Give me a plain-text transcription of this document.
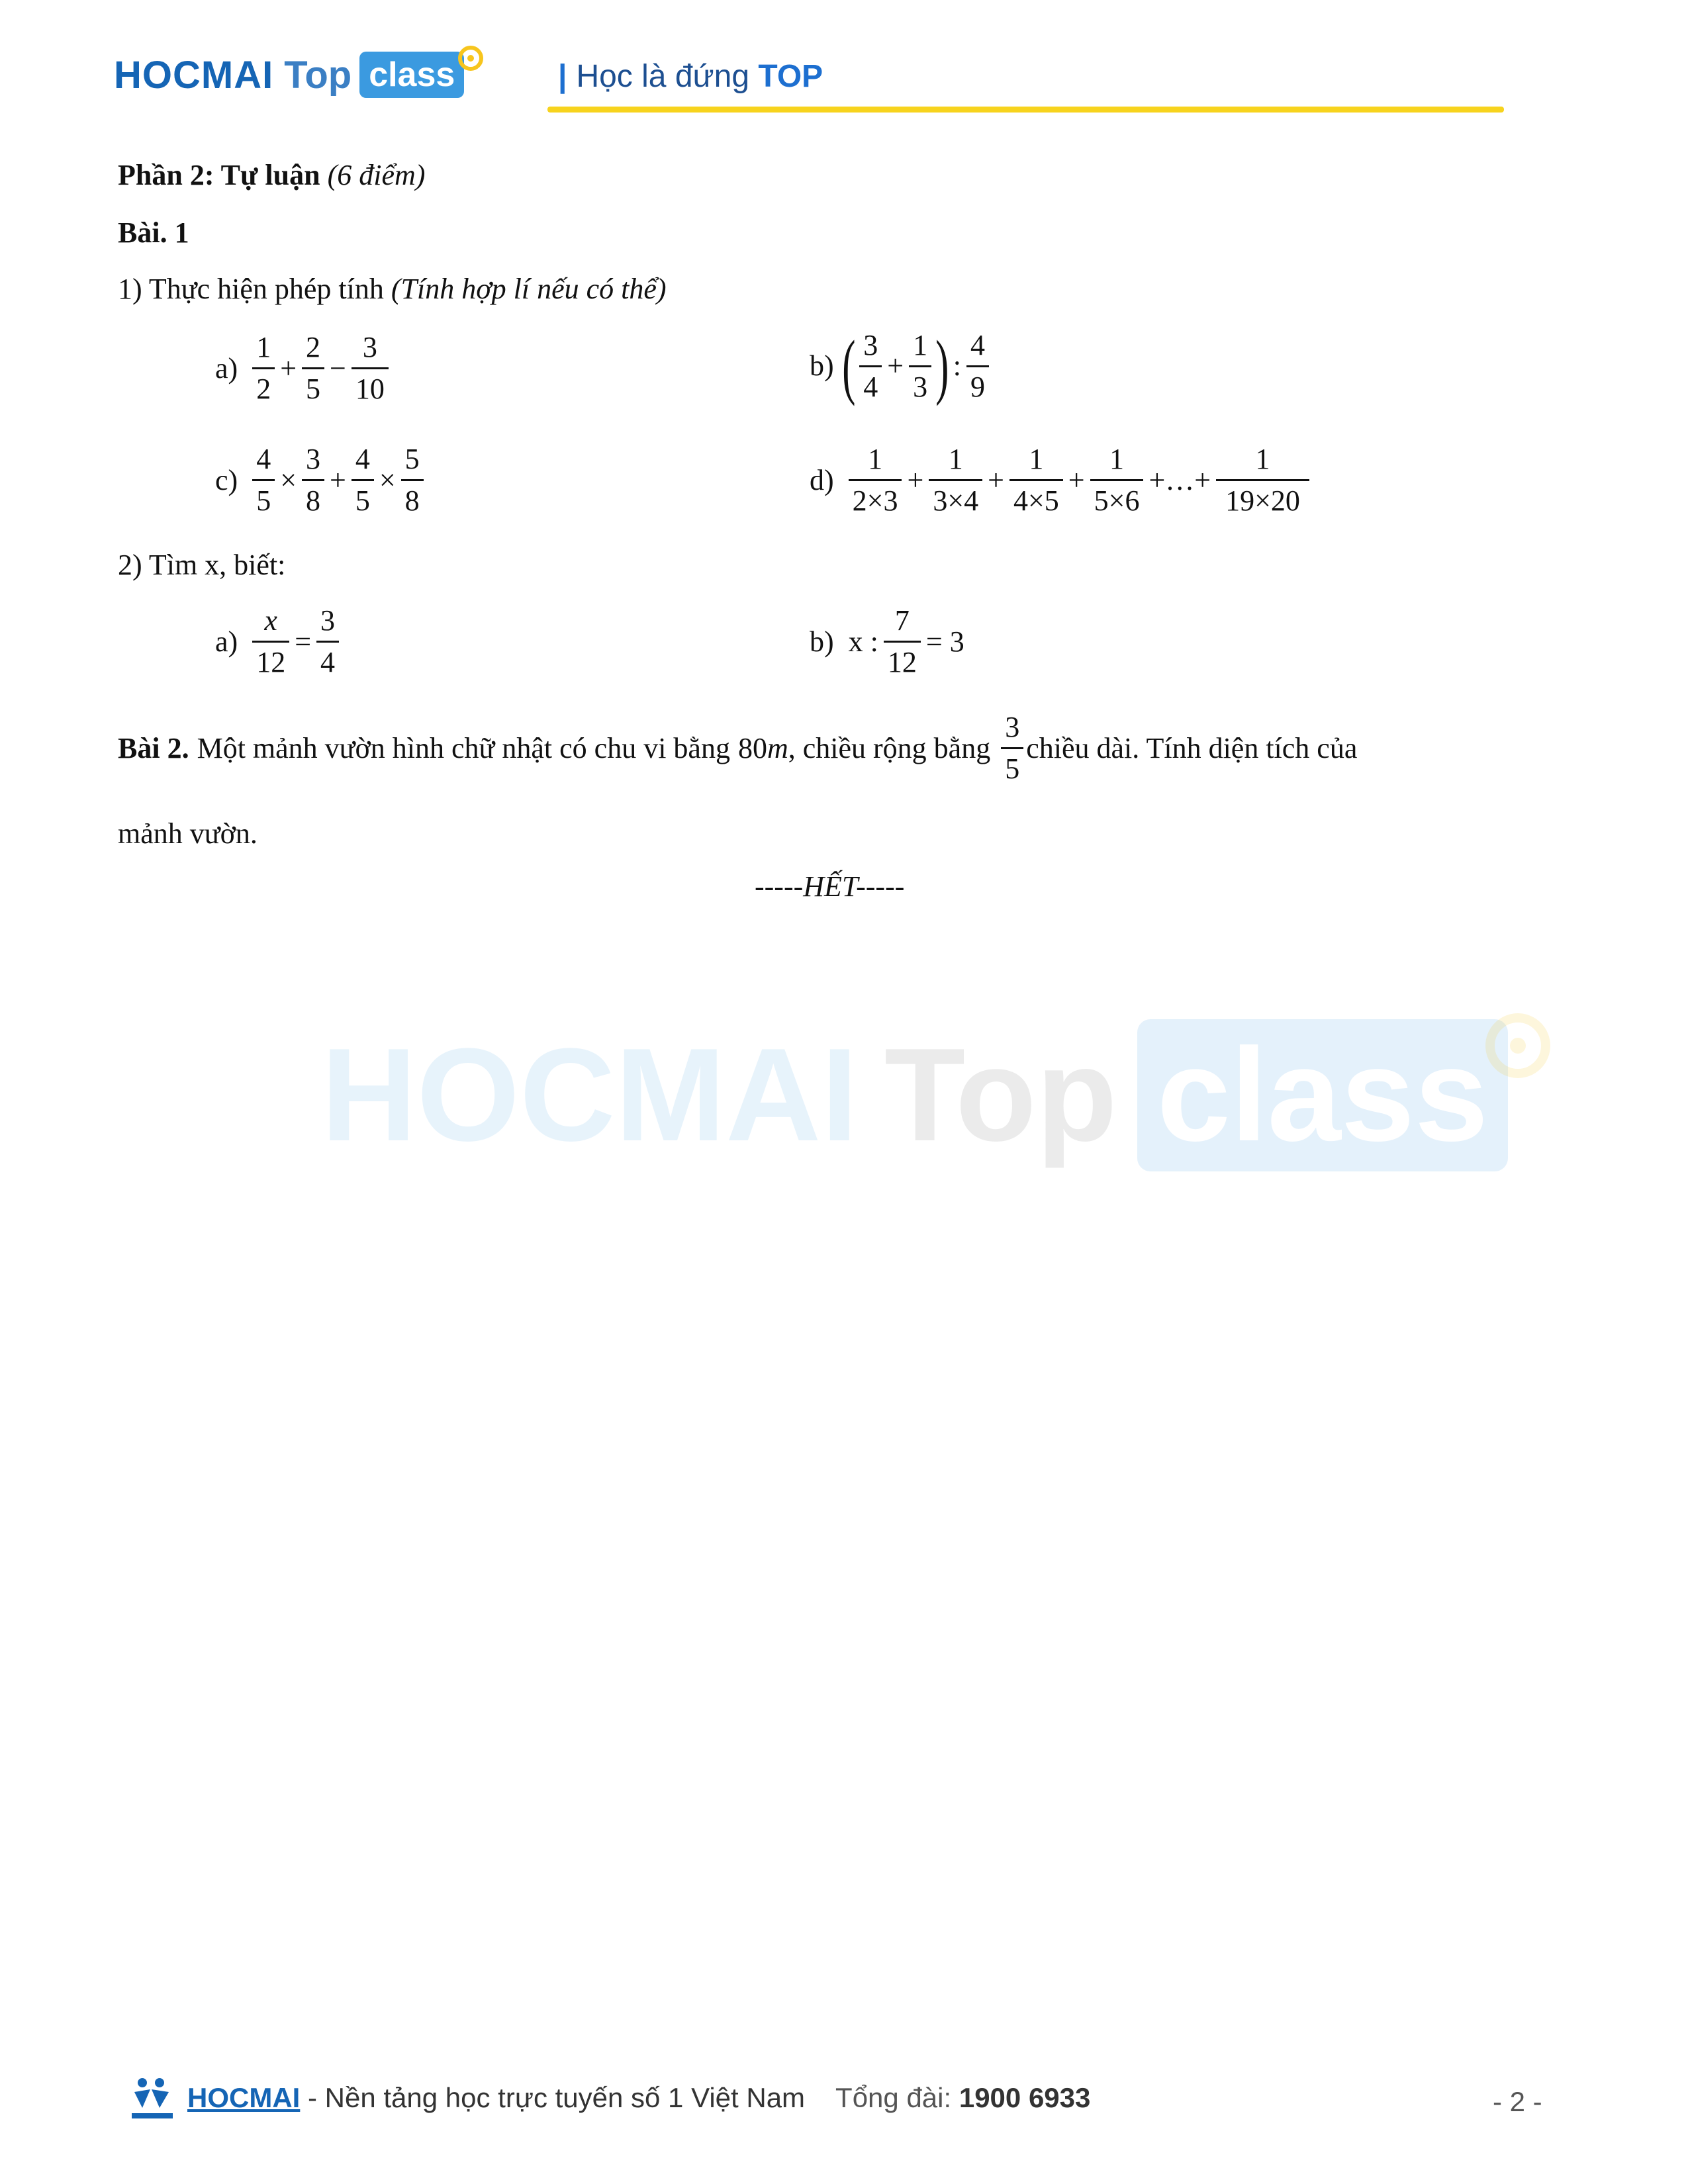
HOCMAI Top class	| Học là đứng TOP
Phần 2: Tự luận (6 điểm)
Bài. 1
1) Thực hiện phép tính (Tính hợp lí nếu có thể)
$a) \frac{1}{2} + \frac{2}{5} - \frac{3}{10}$	b) ( $\frac{3}{4} + \frac{1}{3}$ ) : $\frac{4}{9}$
$c) \frac{4}{5} \times \frac{3}{8} + \frac{4}{5} \times \frac{5}{8}$	$d) \frac{1}{2\times 3} + \frac{1}{3\times 4} + \frac{1}{4\times 5} + \frac{1}{5\times 6}$ +…+ $\frac{1}{19\times 20}$
2) Tìm x, biết:
$a) \frac{x}{12} = \frac{3}{4}$	b) x : $\frac{7}{12} = 3$
Bài 2. Một mảnh vườn hình chữ nhật có chu vi bằng 80m , chiều rộng bằng $\frac{3}{5}$ chiều dài. Tính diện tích của
mảnh vườn.
-----HẾT-----
HOCMAI Top class
HOCMAI - Nền tảng học trực tuyến số 1 Việt Nam Tổng đài: 1900 6933	- 2 -
